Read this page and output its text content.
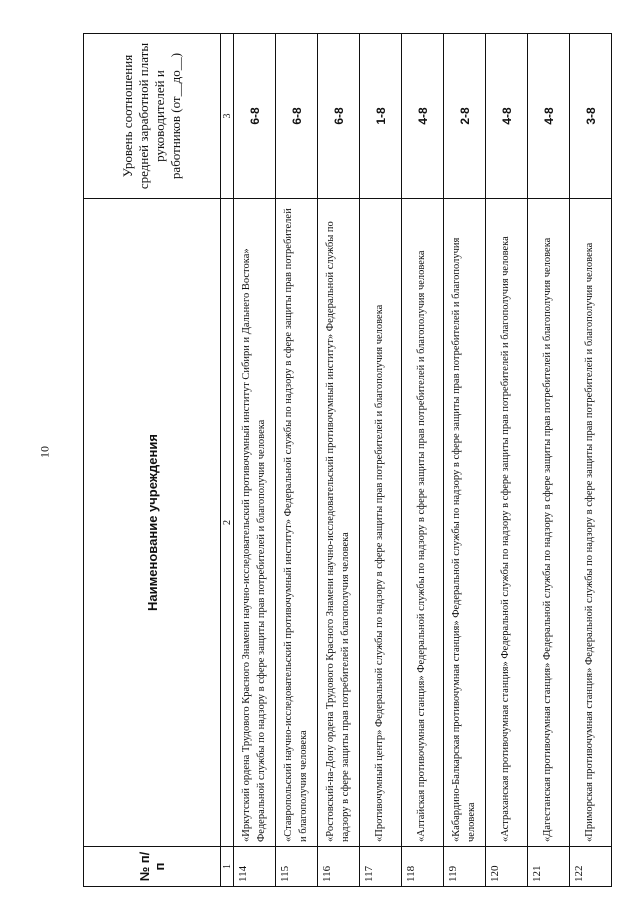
10
№ п/п	Наименование учреждения	Уровень соотношения средней заработной платы руководителей и работников (от__до__)
1	2	3
114	«Иркутский ордена Трудового Красного Знамени научно-исследовательский противочумный институт Сибири и Дальнего Востока» Федеральной службы по надзору в сфере защиты прав потребителей и благополучия человека	6-8
115	«Ставропольский научно-исследовательский противочумный институт» Федеральной службы по надзору в сфере защиты прав потребителей и благополучия человека	6-8
116	«Ростовский-на-Дону ордена Трудового Красного Знамени научно-исследовательский противочумный институт» Федеральной службы по надзору в сфере защиты прав потребителей и благополучия человека	6-8
117	«Противочумный центр» Федеральной службы по надзору в сфере защиты прав потребителей и благополучия человека	1-8
118	«Алтайская противочумная станция» Федеральной службы по надзору в сфере защиты прав потребителей и благополучия человека	4-8
119	«Кабардино-Балкарская противочумная станция» Федеральной службы по надзору в сфере защиты прав потребителей и благополучия человека	2-8
120	«Астраханская противочумная станция» Федеральной службы по надзору в сфере защиты прав потребителей и благополучия человека	4-8
121	«Дагестанская противочумная станция» Федеральной службы по надзору в сфере защиты прав потребителей и благополучия человека	4-8
122	«Приморская противочумная станция» Федеральной службы по надзору в сфере защиты прав потребителей и благополучия человека	3-8
